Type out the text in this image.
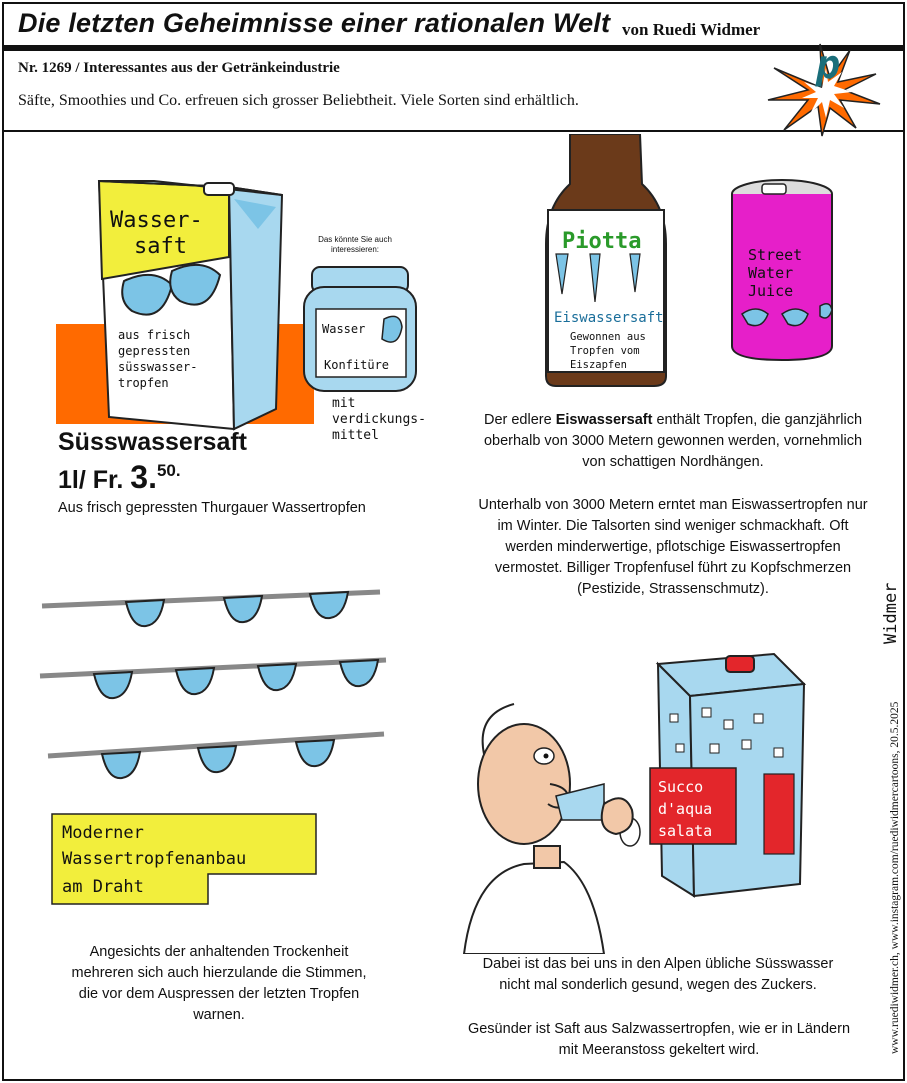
Die letzten Geheimnisse einer rationalen Welt von Ruedi Widmer
Nr. 1269 / Interessantes aus der Getränkeindustrie
Säfte, Smoothies und Co. erfreuen sich grosser Beliebtheit. Viele Sorten sind erhältlich.
p
Wasser-
saft
aus frisch
gepressten
süsswasser-
tropfen
Wasser
Konfitüre
mit
verdickungs-
mittel
Das könnte Sie auch interessieren:
Süsswassersaft
1l/ Fr. 3.$^{50.}$
Aus frisch gepressten Thurgauer Wassertropfen
Piotta
Eiswassersaft
Gewonnen aus
Tropfen vom
Eiszapfen
Street
Water
Juice
Der edlere Eiswassersaft enthält Tropfen, die ganzjährlich oberhalb von 3000 Metern gewonnen werden, vornehmlich von schattigen Nordhängen.
Unterhalb von 3000 Metern erntet man Eiswassertropfen nur im Winter. Die Talsorten sind weniger schmackhaft. Oft werden minderwertige, pflotschige Eiswassertropfen vermostet. Billiger Tropfenfusel führt zu Kopfschmerzen (Pestizide, Strassenschmutz).
Moderner
Wassertropfenanbau
am Draht
Angesichts der anhaltenden Trockenheit mehreren sich auch hierzulande die Stimmen, die vor dem Auspressen der letzten Tropfen warnen.
Succo
d'aqua
salata
Dabei ist das bei uns in den Alpen übliche Süsswasser nicht mal sonderlich gesund, wegen des Zuckers.
Gesünder ist Saft aus Salzwassertropfen, wie er in Ländern mit Meeranstoss gekeltert wird.
Widmer
www.ruediwidmer.ch, www.instagram.com/ruediwidmercartoons, 20.5.2025
